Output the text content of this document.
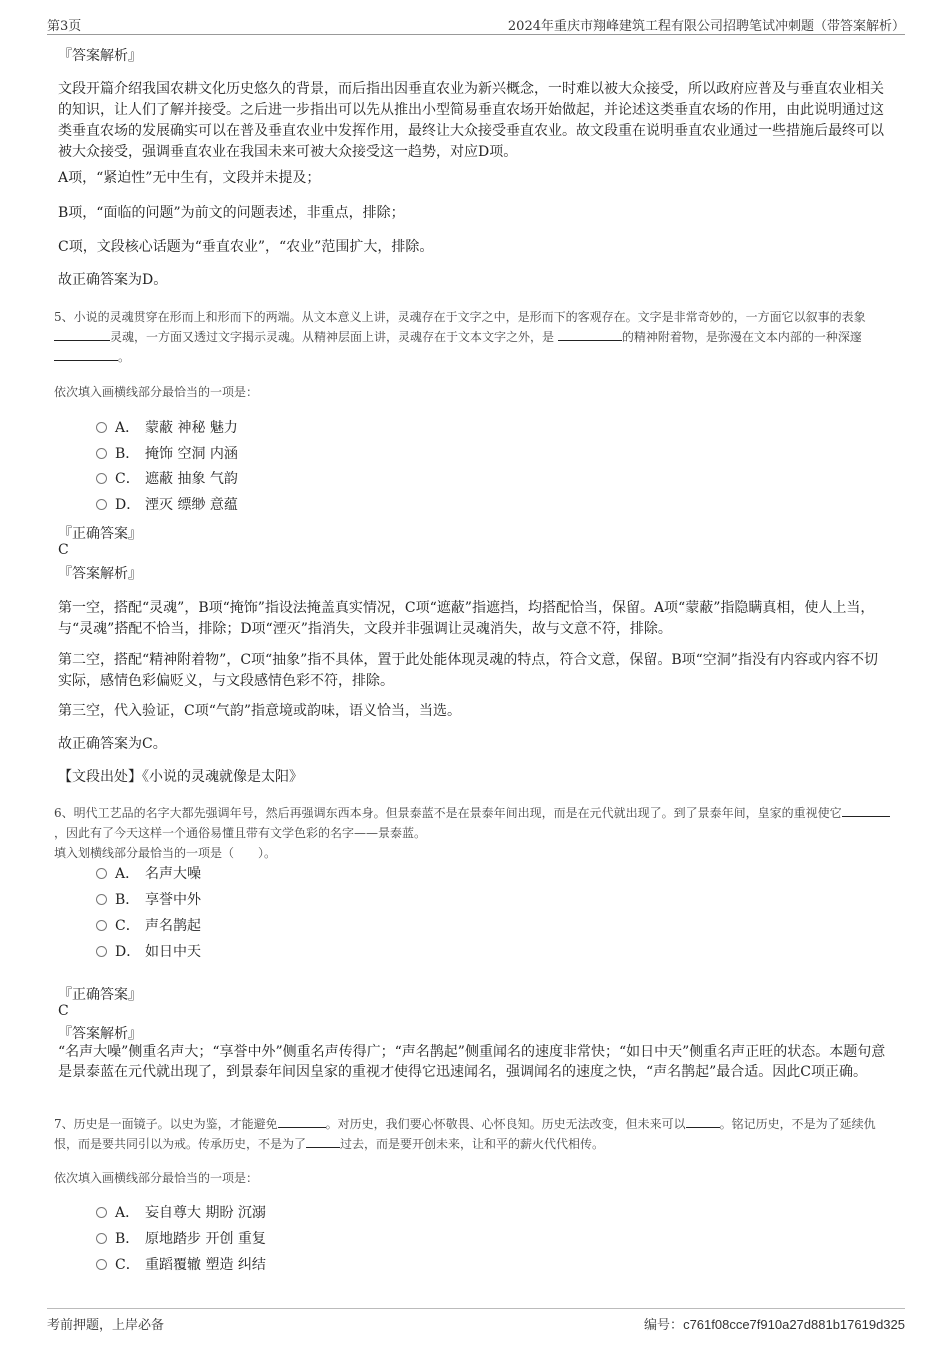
第3页	2024年重庆市翔峰建筑工程有限公司招聘笔试冲刺题（带答案解析）
『答案解析』
文段开篇介绍我国农耕文化历史悠久的背景，而后指出因垂直农业为新兴概念，一时难以被大众接受，所以政府应普及与垂直农业相关的知识，让人们了解并接受。之后进一步指出可以先从推出小型简易垂直农场开始做起，并论述这类垂直农场的作用，由此说明通过这类垂直农场的发展确实可以在普及垂直农业中发挥作用，最终让大众接受垂直农业。故文段重在说明垂直农业通过一些措施后最终可以被大众接受，强调垂直农业在我国未来可被大众接受这一趋势，对应D项。
A项，“紧迫性”无中生有，文段并未提及；
B项，“面临的问题”为前文的问题表述，非重点，排除；
C项，文段核心话题为“垂直农业”，“农业”范围扩大，排除。
故正确答案为D。
5、小说的灵魂贯穿在形而上和形而下的两端。从文本意义上讲，灵魂存在于文字之中，是形而下的客观存在。文字是非常奇妙的，一方面它以叙事的表象 灵魂，一方面又透过文字揭示灵魂。从精神层面上讲，灵魂存在于文本文字之外，是	的精神附着物，是弥漫在文本内部的一种深邃 。
依次填入画横线部分最恰当的一项是：
A． 蒙蔽 神秘 魅力
B． 掩饰 空洞 内涵
C． 遮蔽 抽象 气韵
D． 湮灭 缥缈 意蕴
『正确答案』
C
『答案解析』
第一空，搭配“灵魂”，B项“掩饰”指设法掩盖真实情况，C项“遮蔽”指遮挡，均搭配恰当，保留。A项“蒙蔽”指隐瞒真相，使人上当，与“灵魂”搭配不恰当，排除；D项“湮灭”指消失，文段并非强调让灵魂消失，故与文意不符，排除。
第二空，搭配“精神附着物”，C项“抽象”指不具体，置于此处能体现灵魂的特点，符合文意，保留。B项“空洞”指没有内容或内容不切实际，感情色彩偏贬义，与文段感情色彩不符，排除。
第三空，代入验证，C项“气韵”指意境或韵味，语义恰当，当选。
故正确答案为C。
【文段出处】《小说的灵魂就像是太阳》
6、明代工艺品的名字大都先强调年号，然后再强调东西本身。但景泰蓝不是在景泰年间出现，而是在元代就出现了。到了景泰年间，皇家的重视使它，因此有了今天这样一个通俗易懂且带有文学色彩的名字——景泰蓝。
填入划横线部分最恰当的一项是（　　）。
A． 名声大噪
B． 享誉中外
C． 声名鹊起
D． 如日中天
『正确答案』
C
『答案解析』
“名声大噪”侧重名声大；“享誉中外”侧重名声传得广；“声名鹊起”侧重闻名的速度非常快；“如日中天”侧重名声正旺的状态。本题句意是景泰蓝在元代就出现了，到景泰年间因皇家的重视才使得它迅速闻名，强调闻名的速度之快，“声名鹊起”最合适。因此C项正确。
7、历史是一面镜子。以史为鉴，才能避免	。对历史，我们要心怀敬畏、心怀良知。历史无法改变，但未来可以	。铭记历史，不是为了延续仇恨，而是要共同引以为戒。传承历史，不是为了	过去，而是要开创未来，让和平的薪火代代相传。
依次填入画横线部分最恰当的一项是：
A． 妄自尊大 期盼 沉溺
B． 原地踏步 开创 重复
C． 重蹈覆辙 塑造 纠结
考前押题，上岸必备	编号：c761f08cce7f910a27d881b17619d325
